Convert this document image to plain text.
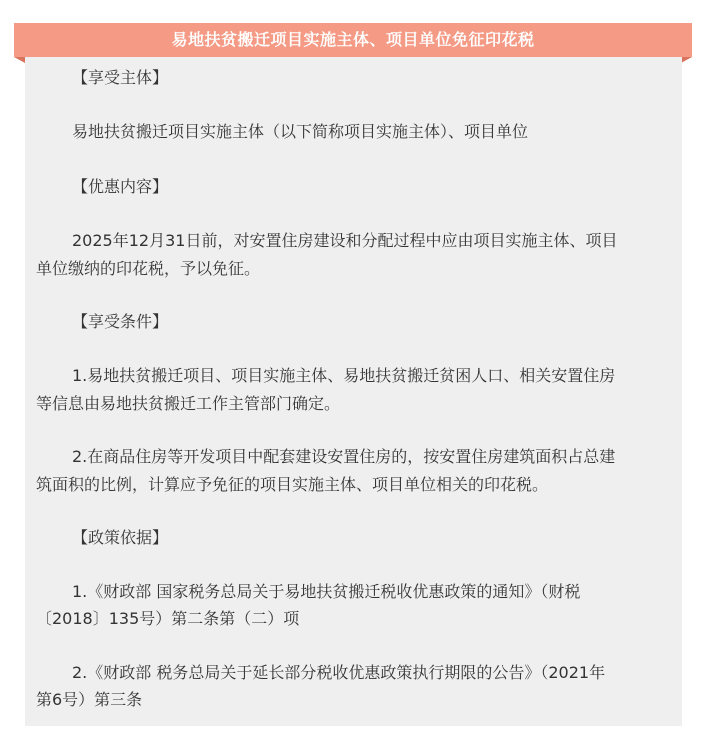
易地扶贫搬迁项目实施主体、项目单位免征印花税
【享受主体】
易地扶贫搬迁项目实施主体（以下简称项目实施主体）、项目单位
【优惠内容】
2025年12月31日前，对安置住房建设和分配过程中应由项目实施主体、项目
单位缴纳的印花税，予以免征。
【享受条件】
1.易地扶贫搬迁项目、项目实施主体、易地扶贫搬迁贫困人口、相关安置住房
等信息由易地扶贫搬迁工作主管部门确定。
2.在商品住房等开发项目中配套建设安置住房的，按安置住房建筑面积占总建
筑面积的比例，计算应予免征的项目实施主体、项目单位相关的印花税。
【政策依据】
1.《财政部 国家税务总局关于易地扶贫搬迁税收优惠政策的通知》（财税
〔2018〕135号）第二条第（二）项
2.《财政部 税务总局关于延长部分税收优惠政策执行期限的公告》（2021年
第6号）第三条
